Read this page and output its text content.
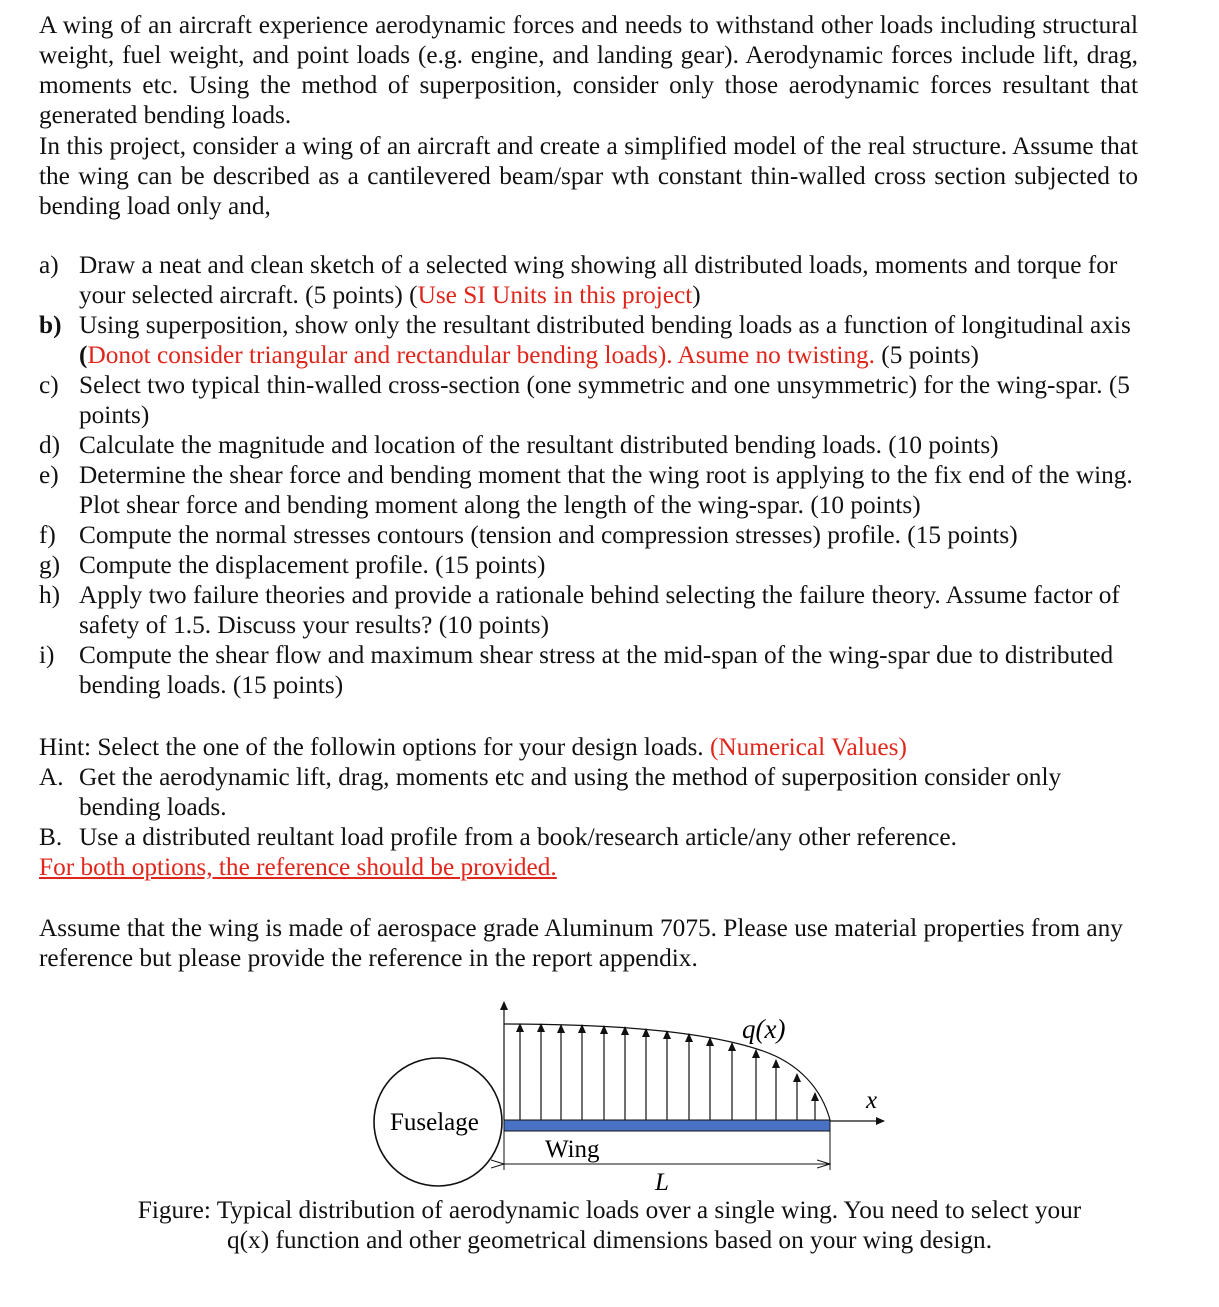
A wing of an aircraft experience aerodynamic forces and needs to withstand other loads including structural weight, fuel weight, and point loads (e.g. engine, and landing gear). Aerodynamic forces include lift, drag, moments etc. Using the method of superposition, consider only those aerodynamic forces resultant that generated bending loads.
In this project, consider a wing of an aircraft and create a simplified model of the real structure. Assume that the wing can be described as a cantilevered beam/spar wth constant thin-walled cross section subjected to bending load only and,
a) Draw a neat and clean sketch of a selected wing showing all distributed loads, moments and torque for your selected aircraft. (5 points) (Use SI Units in this project)
b) Using superposition, show only the resultant distributed bending loads as a function of longitudinal axis (Donot consider triangular and rectandular bending loads). Asume no twisting. (5 points)
c) Select two typical thin-walled cross-section (one symmetric and one unsymmetric) for the wing-spar. (5 points)
d) Calculate the magnitude and location of the resultant distributed bending loads. (10 points)
e) Determine the shear force and bending moment that the wing root is applying to the fix end of the wing. Plot shear force and bending moment along the length of the wing-spar. (10 points)
f) Compute the normal stresses contours (tension and compression stresses) profile. (15 points)
g) Compute the displacement profile. (15 points)
h) Apply two failure theories and provide a rationale behind selecting the failure theory. Assume factor of safety of 1.5. Discuss your results? (10 points)
i) Compute the shear flow and maximum shear stress at the mid-span of the wing-spar due to distributed bending loads. (15 points)
Hint: Select the one of the followin options for your design loads. (Numerical Values)
A. Get the aerodynamic lift, drag, moments etc and using the method of superposition consider only bending loads.
B. Use a distributed reultant load profile from a book/research article/any other reference.
For both options, the reference should be provided.
Assume that the wing is made of aerospace grade Aluminum 7075. Please use material properties from any reference but please provide the reference in the report appendix.
Fuselage
Wing
q(x)
x
L
Figure: Typical distribution of aerodynamic loads over a single wing. You need to select your q(x) function and other geometrical dimensions based on your wing design.
